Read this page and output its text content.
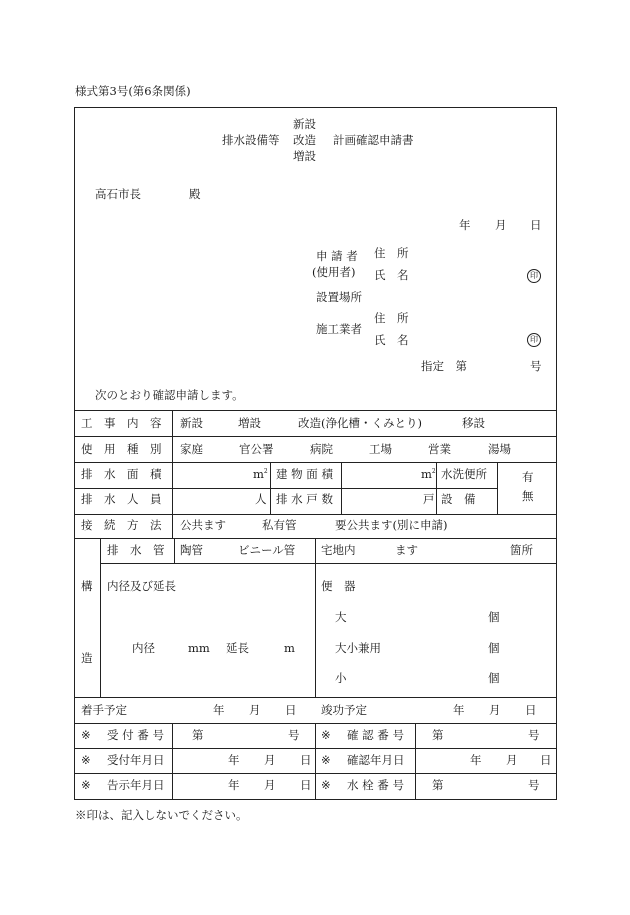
様式第3号(第6条関係)
新設
排水設備等 改造 計画確認申請書
増設
高石市長	殿
年 月 日
申 請 者 住　所
(使用者) 氏　名	印
設置場所
住　所
施工業者
氏　名	印
指定　第	号
次のとおり確認申請します。
工　事　内　容 新設	増設	改造(浄化槽・くみとり)	移設
使　用　種　別 家庭	官公署	病院	工場	営業	湯場
排　水　面　積	$m^2$ 建 物 面 積	$m^2$ 水洗便所	有
排　水　人　員	人 排 水 戸 数	戸 設　備	無
接　続　方　法 公共ます	私有管	要公共ます(別に申請)
構
造
排　水　管 陶管	ビニール管 宅地内	ます	箇所
内径及び延長
内径	mm 延長	m
便　器
大	個
大小兼用	個
小	個
着手予定	年 月 日 竣功予定	年 月 日
※ 受 付 番 号 第	号 ※ 確 認 番 号 第	号
※ 受付年月日	年 月 日 ※ 確認年月日	年 月 日
※ 告示年月日	年 月 日 ※ 水 栓 番 号 第	号
※印は、記入しないでください。
